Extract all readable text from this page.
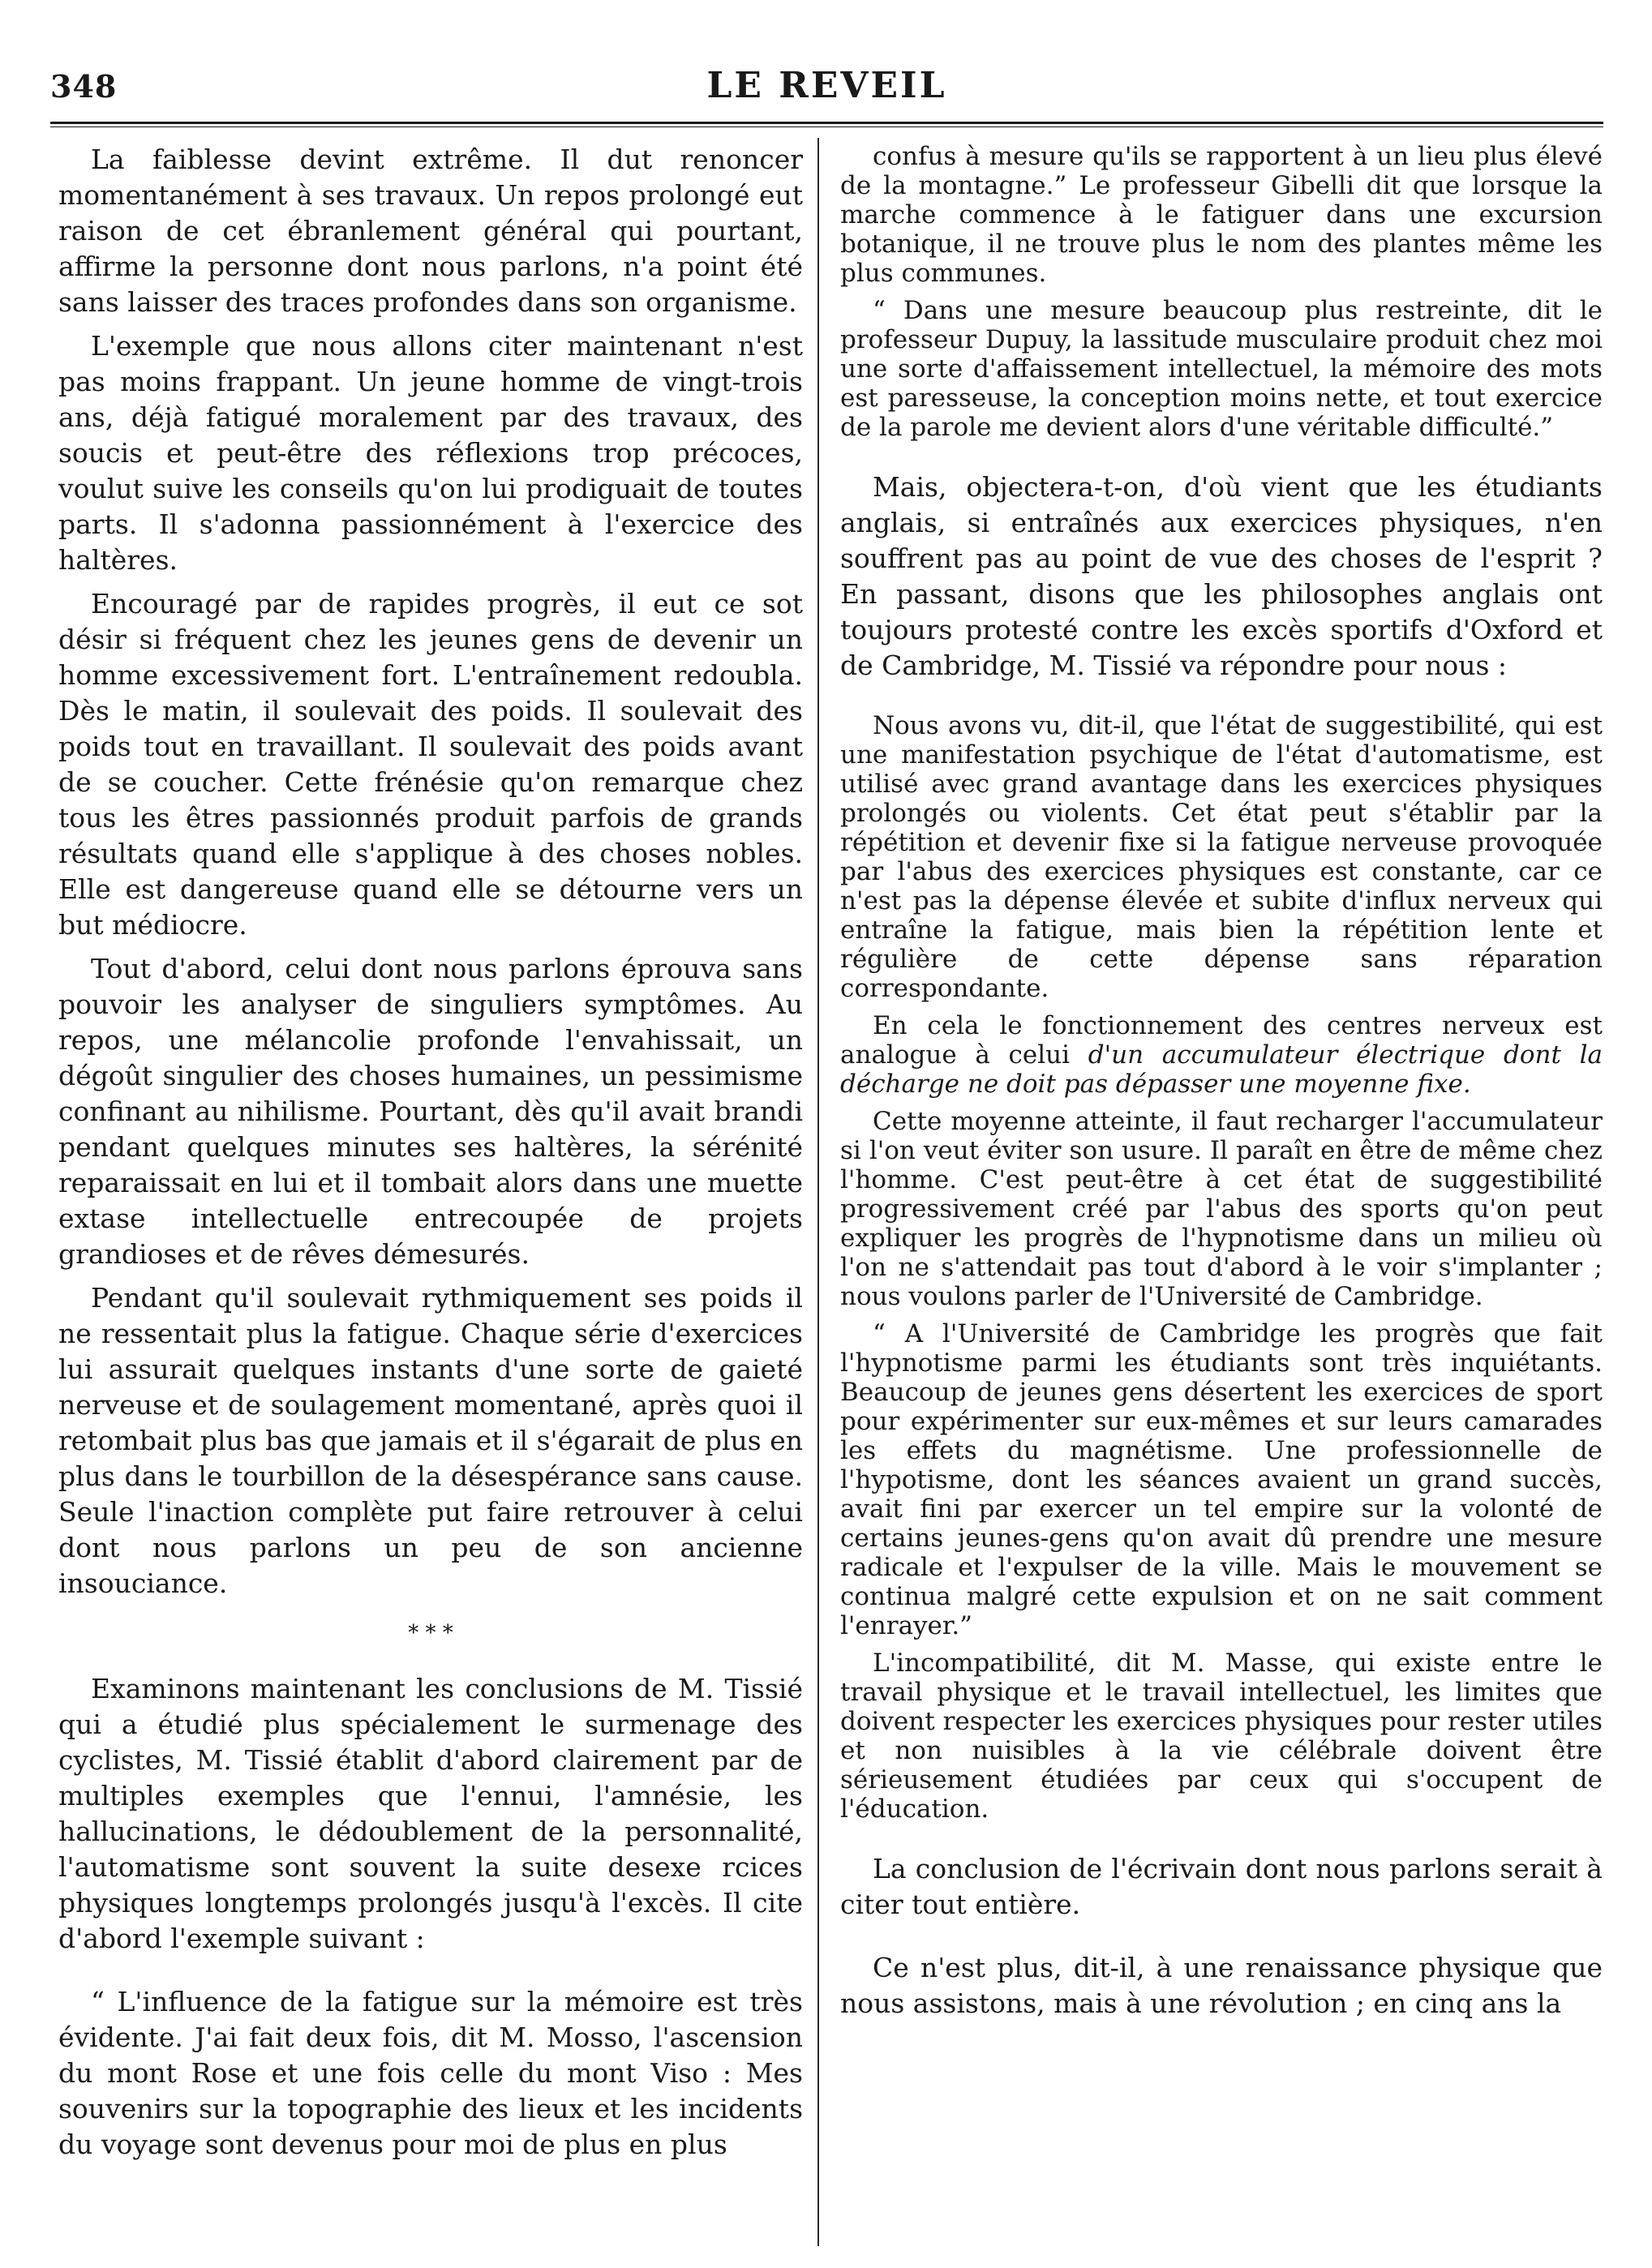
348	LE REVEIL

La faiblesse devint extrême. Il dut renoncer momentanément à ses travaux. Un repos prolongé eut raison de cet ébranlement général qui pourtant, affirme la personne dont nous parlons, n'a point été sans laisser des traces profondes dans son organisme.

L'exemple que nous allons citer maintenant n'est pas moins frappant. Un jeune homme de vingt-trois ans, déjà fatigué moralement par des travaux, des soucis et peut-être des réflexions trop précoces, voulut suive les conseils qu'on lui prodiguait de toutes parts. Il s'adonna passionnément à l'exercice des haltères.

Encouragé par de rapides progrès, il eut ce sot désir si fréquent chez les jeunes gens de devenir un homme excessivement fort. L'entraînement redoubla. Dès le matin, il soulevait des poids. Il soulevait des poids tout en travaillant. Il soulevait des poids avant de se coucher. Cette frénésie qu'on remarque chez tous les êtres passionnés produit parfois de grands résultats quand elle s'applique à des choses nobles. Elle est dangereuse quand elle se détourne vers un but médiocre.

Tout d'abord, celui dont nous parlons éprouva sans pouvoir les analyser de singuliers symptômes. Au repos, une mélancolie profonde l'envahissait, un dégoût singulier des choses humaines, un pessimisme confinant au nihilisme. Pourtant, dès qu'il avait brandi pendant quelques minutes ses haltères, la sérénité reparaissait en lui et il tombait alors dans une muette extase intellectuelle entrecoupée de projets grandioses et de rêves démesurés.

Pendant qu'il soulevait rythmiquement ses poids il ne ressentait plus la fatigue. Chaque série d'exercices lui assurait quelques instants d'une sorte de gaieté nerveuse et de soulagement momentané, après quoi il retombait plus bas que jamais et il s'égarait de plus en plus dans le tourbillon de la désespérance sans cause. Seule l'inaction complète put faire retrouver à celui dont nous parlons un peu de son ancienne insouciance.

* * *

Examinons maintenant les conclusions de M. Tissié qui a étudié plus spécialement le surmenage des cyclistes, M. Tissié établit d'abord clairement par de multiples exemples que l'ennui, l'amnésie, les hallucinations, le dédoublement de la personnalité, l'automatisme sont souvent la suite desexe rcices physiques longtemps prolongés jusqu'à l'excès. Il cite d'abord l'exemple suivant :

“ L'influence de la fatigue sur la mémoire est très évidente. J'ai fait deux fois, dit M. Mosso, l'ascension du mont Rose et une fois celle du mont Viso : Mes souvenirs sur la topographie des lieux et les incidents du voyage sont devenus pour moi de plus en plus

confus à mesure qu'ils se rapportent à un lieu plus élevé de la montagne.” Le professeur Gibelli dit que lorsque la marche commence à le fatiguer dans une excursion botanique, il ne trouve plus le nom des plantes même les plus communes.

“ Dans une mesure beaucoup plus restreinte, dit le professeur Dupuy, la lassitude musculaire produit chez moi une sorte d'affaissement intellectuel, la mémoire des mots est paresseuse, la conception moins nette, et tout exercice de la parole me devient alors d'une véritable difficulté.”

Mais, objectera-t-on, d'où vient que les étudiants anglais, si entraînés aux exercices physiques, n'en souffrent pas au point de vue des choses de l'esprit ? En passant, disons que les philosophes anglais ont toujours protesté contre les excès sportifs d'Oxford et de Cambridge, M. Tissié va répondre pour nous :

Nous avons vu, dit-il, que l'état de suggestibilité, qui est une manifestation psychique de l'état d'automatisme, est utilisé avec grand avantage dans les exercices physiques prolongés ou violents. Cet état peut s'établir par la répétition et devenir fixe si la fatigue nerveuse provoquée par l'abus des exercices physiques est constante, car ce n'est pas la dépense élevée et subite d'influx nerveux qui entraîne la fatigue, mais bien la répétition lente et régulière de cette dépense sans réparation correspondante.

En cela le fonctionnement des centres nerveux est analogue à celui d'un accumulateur électrique dont la décharge ne doit pas dépasser une moyenne fixe.

Cette moyenne atteinte, il faut recharger l'accumulateur si l'on veut éviter son usure. Il paraît en être de même chez l'homme. C'est peut-être à cet état de suggestibilité progressivement créé par l'abus des sports qu'on peut expliquer les progrès de l'hypnotisme dans un milieu où l'on ne s'attendait pas tout d'abord à le voir s'implanter ; nous voulons parler de l'Université de Cambridge.

“ A l'Université de Cambridge les progrès que fait l'hypnotisme parmi les étudiants sont très inquiétants. Beaucoup de jeunes gens désertent les exercices de sport pour expérimenter sur eux-mêmes et sur leurs camarades les effets du magnétisme. Une professionnelle de l'hypotisme, dont les séances avaient un grand succès, avait fini par exercer un tel empire sur la volonté de certains jeunes-gens qu'on avait dû prendre une mesure radicale et l'expulser de la ville. Mais le mouvement se continua malgré cette expulsion et on ne sait comment l'enrayer.”

L'incompatibilité, dit M. Masse, qui existe entre le travail physique et le travail intellectuel, les limites que doivent respecter les exercices physiques pour rester utiles et non nuisibles à la vie célébrale doivent être sérieusement étudiées par ceux qui s'occupent de l'éducation.

La conclusion de l'écrivain dont nous parlons serait à citer tout entière.

Ce n'est plus, dit-il, à une renaissance physique que nous assistons, mais à une révolution ; en cinq ans la
